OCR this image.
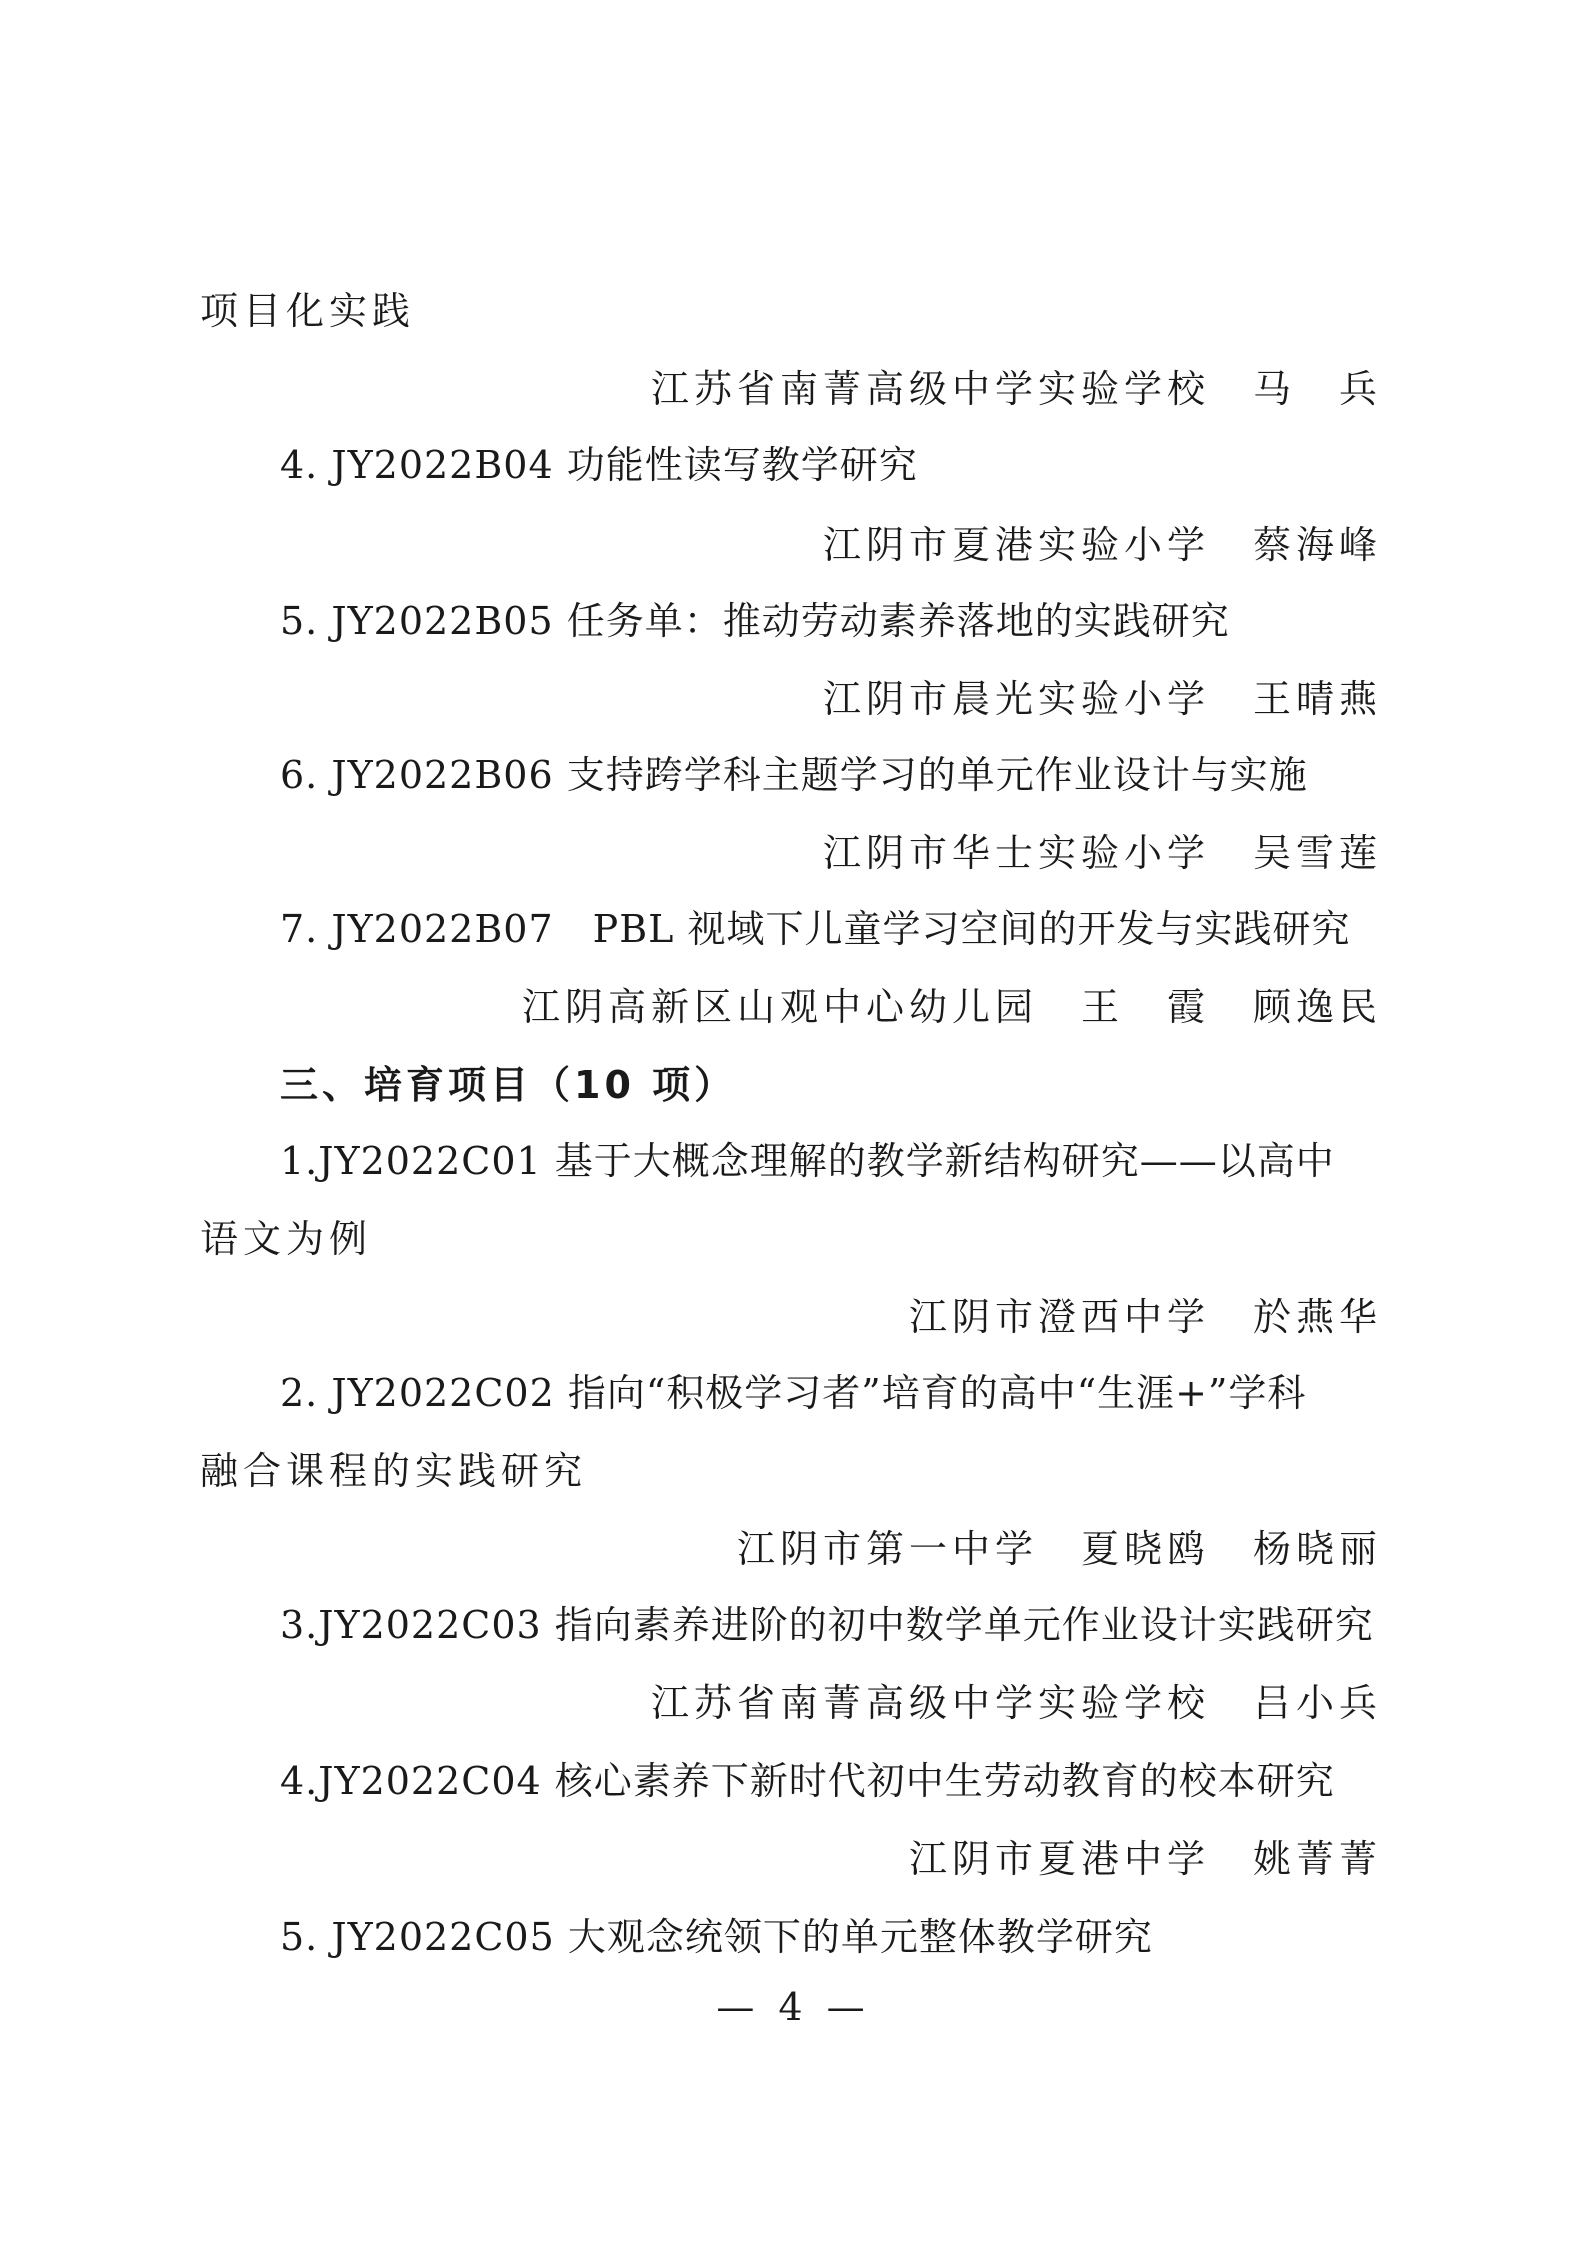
项目化实践
江苏省南菁高级中学实验学校　马　兵
4. JY2022B04 功能性读写教学研究
江阴市夏港实验小学　蔡海峰
5. JY2022B05 任务单：推动劳动素养落地的实践研究
江阴市晨光实验小学　王晴燕
6. JY2022B06 支持跨学科主题学习的单元作业设计与实施
江阴市华士实验小学　吴雪莲
7. JY2022B07　PBL 视域下儿童学习空间的开发与实践研究
江阴高新区山观中心幼儿园　王　霞　顾逸民
三、培育项目（10 项）
1.JY2022C01 基于大概念理解的教学新结构研究——以高中
语文为例
江阴市澄西中学　於燕华
2. JY2022C02 指向“积极学习者”培育的高中“生涯+”学科
融合课程的实践研究
江阴市第一中学　夏晓鸥　杨晓丽
3.JY2022C03 指向素养进阶的初中数学单元作业设计实践研究
江苏省南菁高级中学实验学校　吕小兵
4.JY2022C04 核心素养下新时代初中生劳动教育的校本研究
江阴市夏港中学　姚菁菁
5. JY2022C05 大观念统领下的单元整体教学研究
— 4 —
